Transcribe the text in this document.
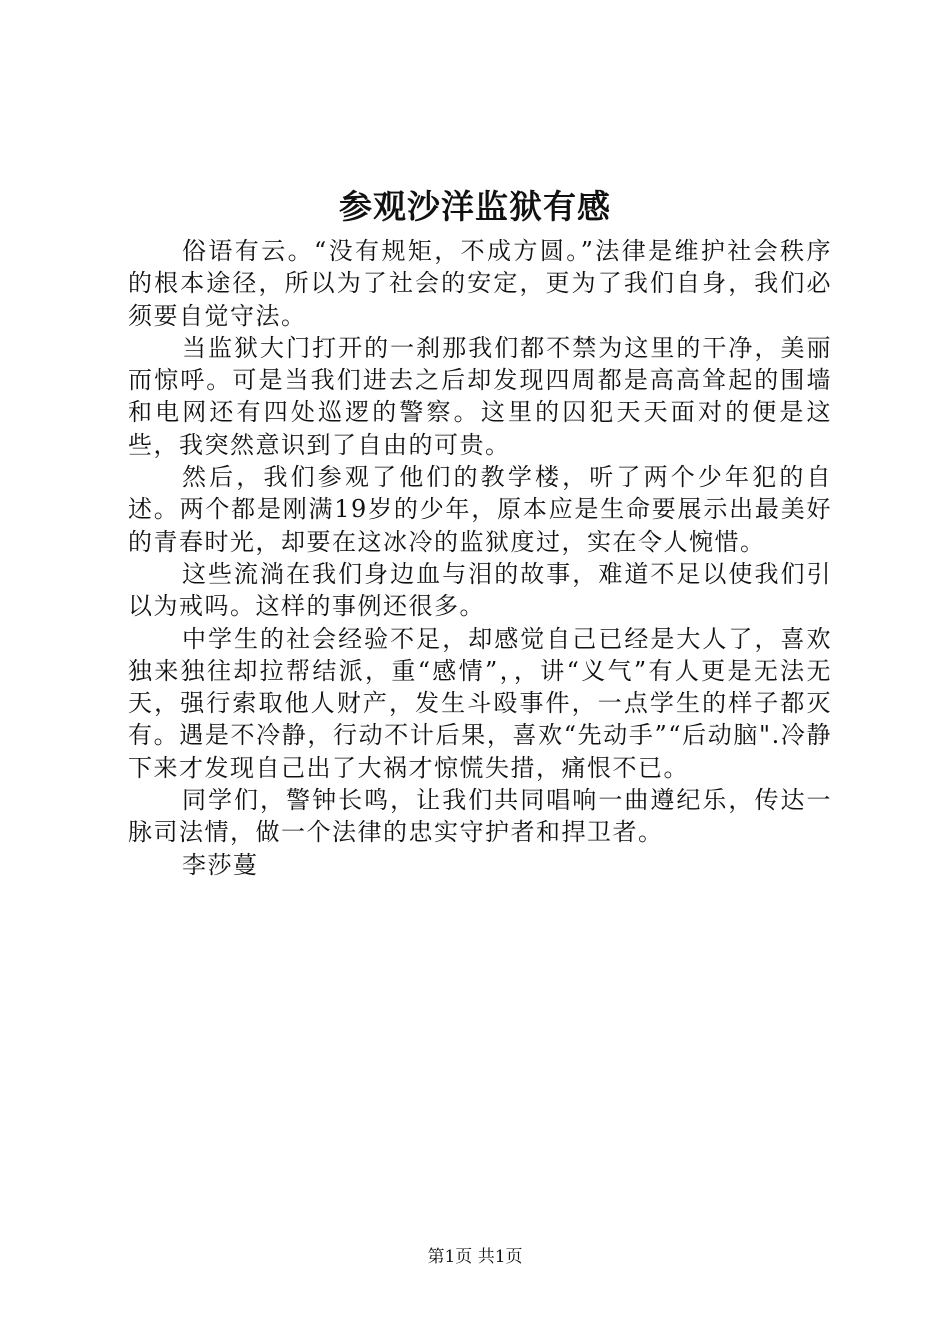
参观沙洋监狱有感

俗语有云。“没有规矩，不成方圆。”法律是维护社会秩序的根本途径，所以为了社会的安定，更为了我们自身，我们必须要自觉守法。

当监狱大门打开的一刹那我们都不禁为这里的干净，美丽而惊呼。可是当我们进去之后却发现四周都是高高耸起的围墙和电网还有四处巡逻的警察。这里的囚犯天天面对的便是这些，我突然意识到了自由的可贵。

然后，我们参观了他们的教学楼，听了两个少年犯的自述。两个都是刚满19岁的少年，原本应是生命要展示出最美好的青春时光，却要在这冰冷的监狱度过，实在令人惋惜。

这些流淌在我们身边血与泪的故事，难道不足以使我们引以为戒吗。这样的事例还很多。

中学生的社会经验不足，却感觉自己已经是大人了，喜欢独来独往却拉帮结派，重“感情”，，讲“义气”有人更是无法无天，强行索取他人财产，发生斗殴事件，一点学生的样子都灭有。遇是不冷静，行动不计后果，喜欢“先动手”“后动脑".冷静下来才发现自己出了大祸才惊慌失措，痛恨不已。

同学们，警钟长鸣，让我们共同唱响一曲遵纪乐，传达一脉司法情，做一个法律的忠实守护者和捍卫者。

李莎蔓

第1页 共1页
